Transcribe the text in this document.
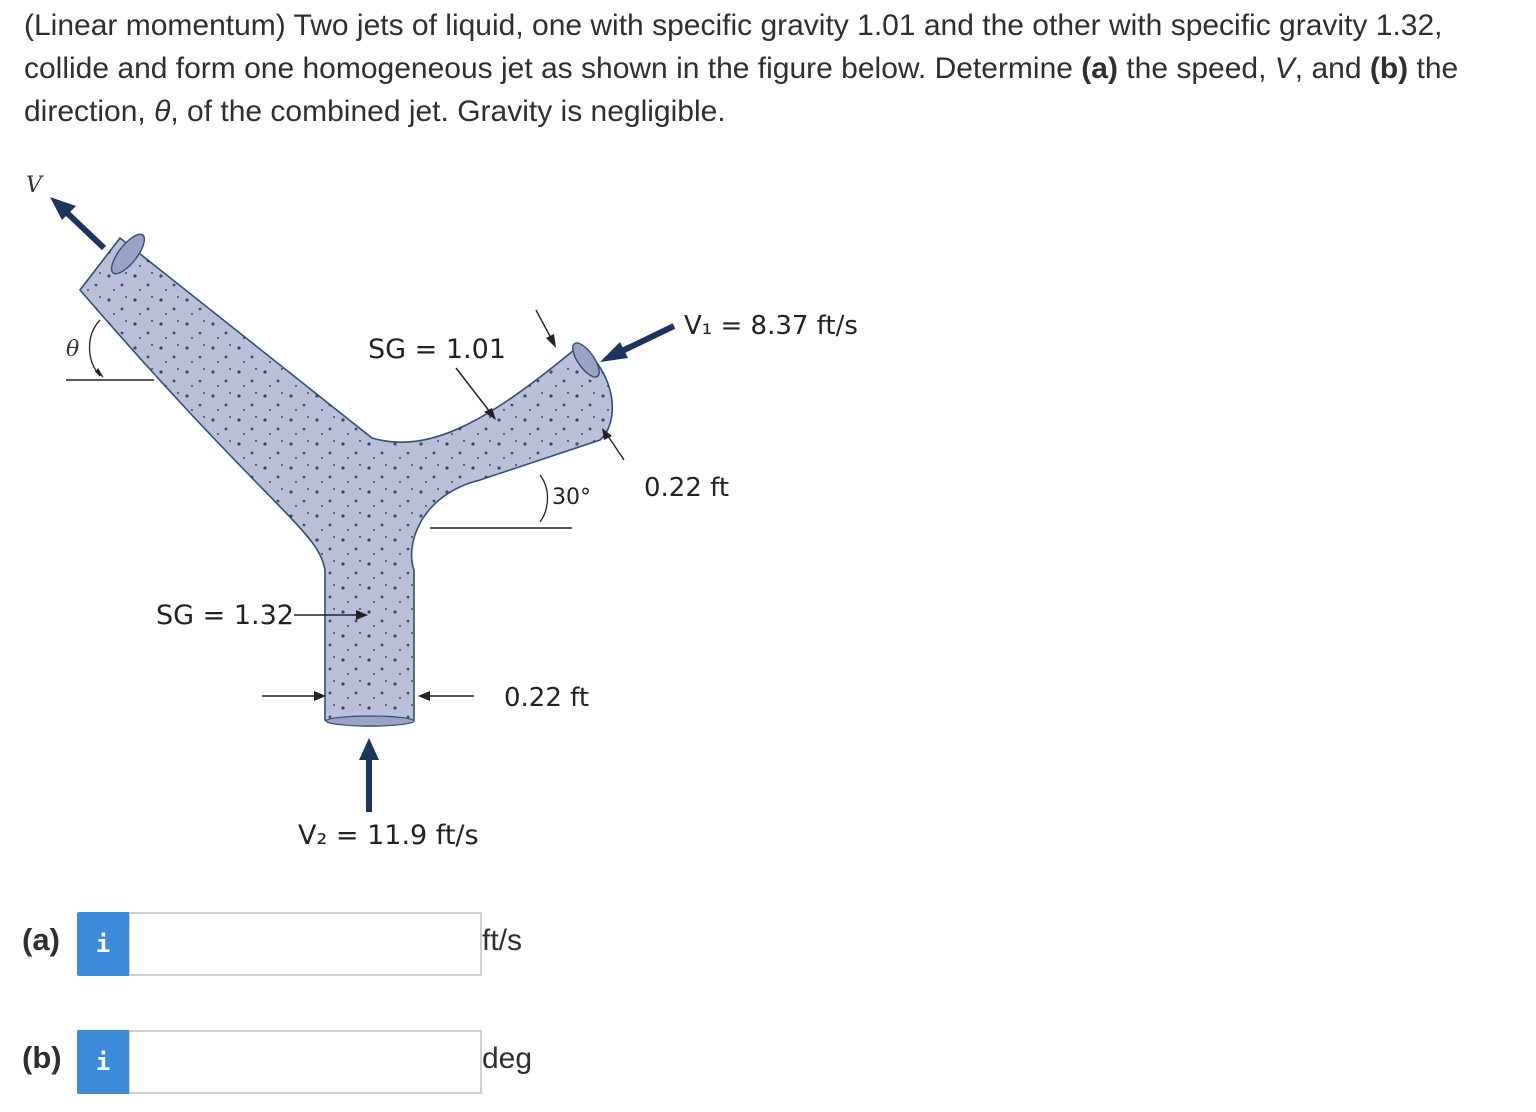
(Linear momentum) Two jets of liquid, one with specific gravity 1.01 and the other with specific gravity 1.32, collide and form one homogeneous jet as shown in the figure below. Determine (a) the speed, V, and (b) the direction, θ, of the combined jet. Gravity is negligible.
V
θ	SG = 1.01
V₁ = 8.37 ft/s
0.22 ft
30°
SG = 1.32
0.22 ft
V₂ = 11.9 ft/s
(a)	i	ft/s
(b)	i	deg
